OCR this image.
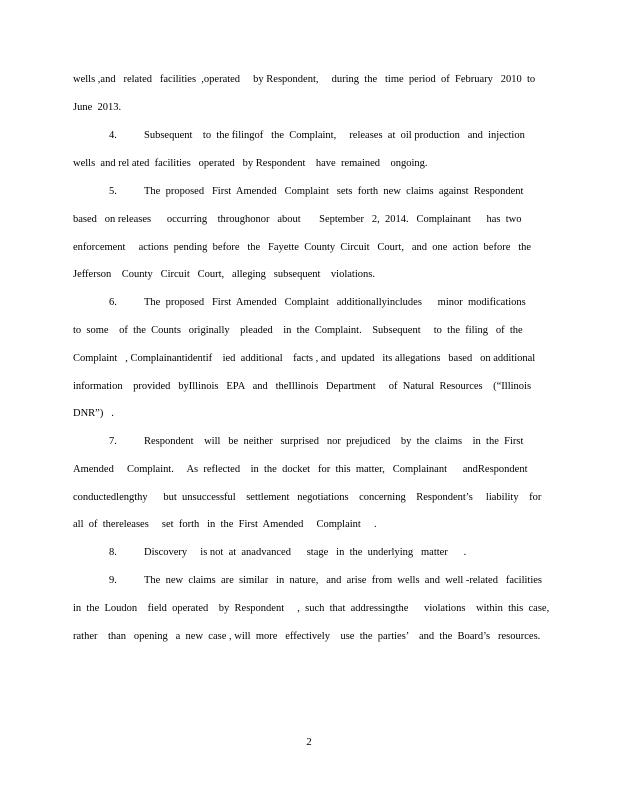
wells ,and   related   facilities  ,operated     by Respondent,     during  the   time  period  of  February   2010  to
June  2013.
4.	Subsequent    to  the filingof   the  Complaint,     releases  at  oil production   and  injection
wells  and rel ated  facilities   operated   by Respondent    have  remained    ongoing.
5.	The  proposed   First  Amended   Complaint   sets  forth  new  claims  against  Respondent
based   on releases      occurring    throughonor   about       September   2,  2014.   Complainant      has  two
enforcement     actions  pending  before   the   Fayette  County  Circuit   Court,   and  one  action  before   the
Jefferson    County   Circuit   Court,   alleging   subsequent    violations.
6.	The  proposed   First  Amended   Complaint   additionallyincludes      minor  modifications
to  some    of  the  Counts   originally    pleaded    in  the  Complaint.    Subsequent     to  the  filing   of  the
Complaint   , Complainantidentif    ied  additional    facts , and  updated   its allegations   based   on additional
information    provided   byIllinois   EPA   and   theIllinois   Department     of  Natural  Resources    (“Illinois
DNR”)   .
7.	Respondent    will   be  neither   surprised   nor  prejudiced    by  the  claims    in  the  First
Amended     Complaint.     As  reflected    in  the  docket   for  this  matter,   Complainant      andRespondent
conductedlengthy      but  unsuccessful    settlement   negotiations    concerning    Respondent’s     liability    for
all  of  thereleases     set  forth   in  the  First  Amended     Complaint     .
8.	Discovery     is not  at  anadvanced      stage   in  the  underlying   matter      .
9.	The  new  claims  are  similar   in  nature,   and  arise  from  wells  and  well -related   facilities
in  the  Loudon    field  operated    by  Respondent     ,  such  that  addressingthe      violations    within  this  case,
rather    than   opening   a  new  case , will  more   effectively    use  the  parties’    and  the  Board’s   resources.
2
